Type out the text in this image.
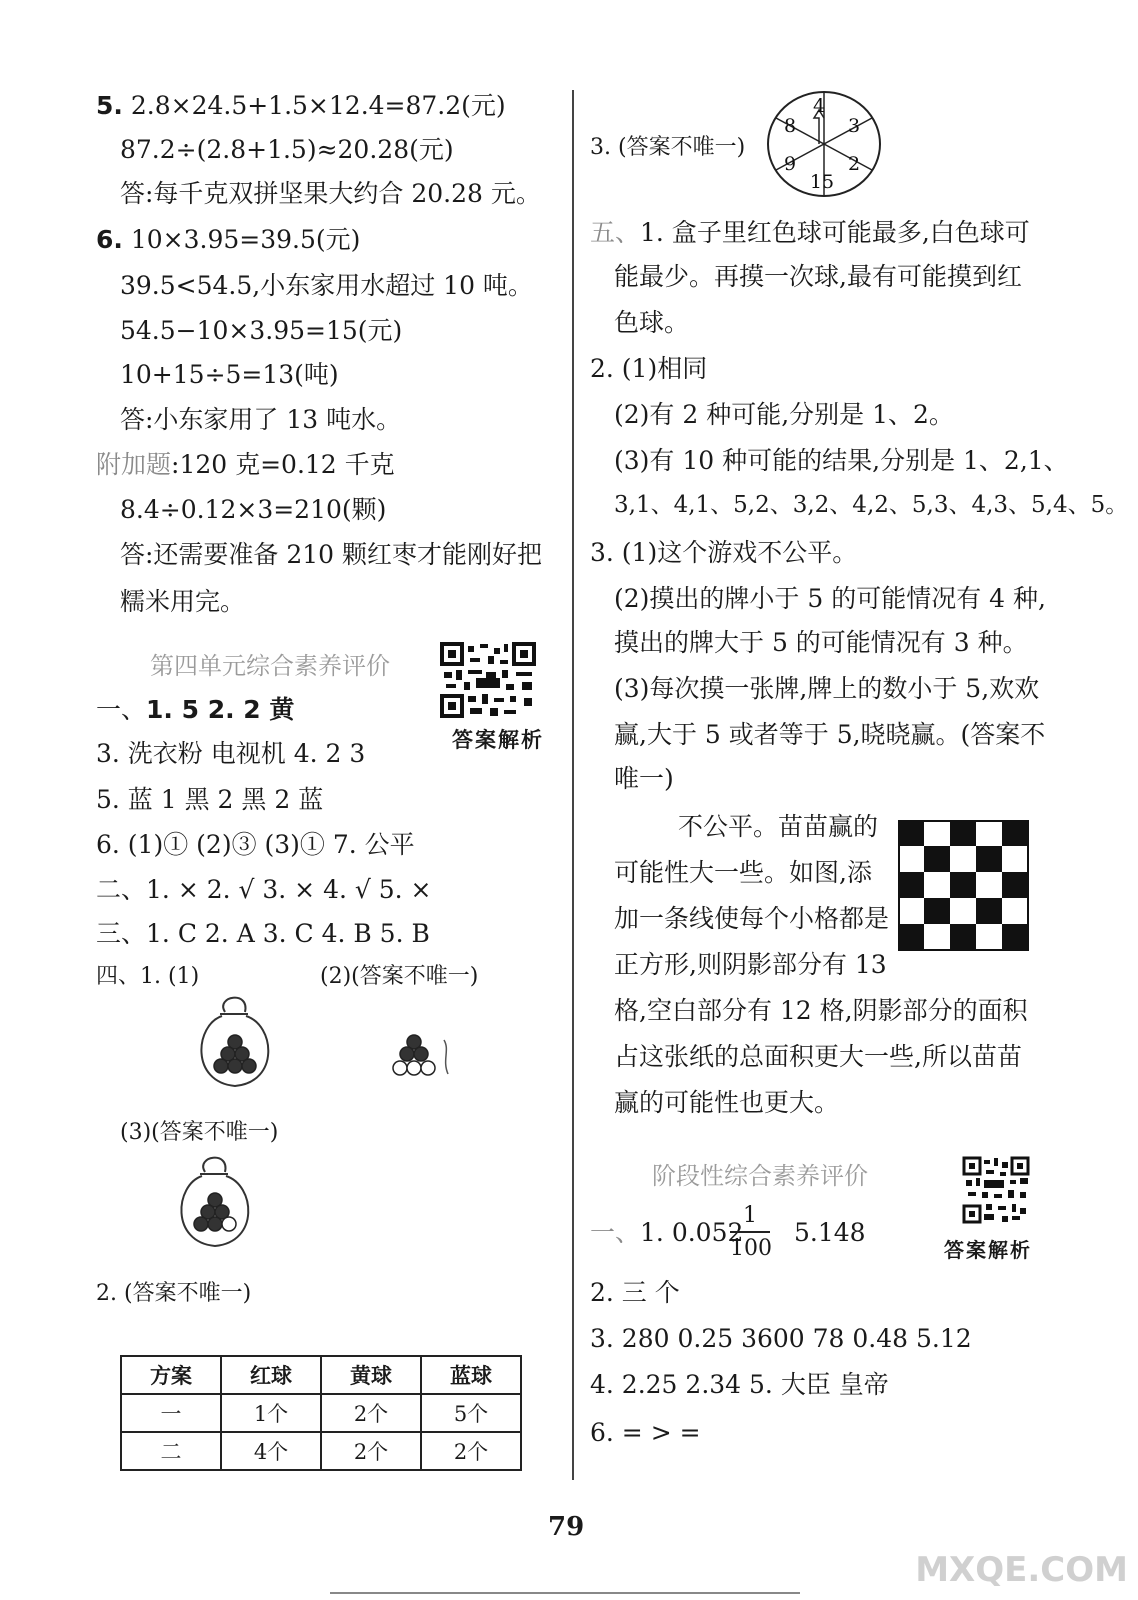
5. 2.8×24.5+1.5×12.4=87.2(元)
87.2÷(2.8+1.5)≈20.28(元)
答:每千克双拼坚果大约合 20.28 元。
6. 10×3.95=39.5(元)
39.5<54.5,小东家用水超过 10 吨。
54.5−10×3.95=15(元)
10+15÷5=13(吨)
答:小东家用了 13 吨水。
附加题:120 克=0.12 千克
8.4÷0.12×3=210(颗)
答:还需要准备 210 颗红枣才能刚好把
糯米用完。
第四单元综合素养评价
答案解析
一、1. 5 2. 2 黄
3. 洗衣粉 电视机 4. 2 3
5. 蓝 1 黑 2 黑 2 蓝
6. (1)① (2)③ (3)① 7. 公平
二、1. × 2. √ 3. × 4. √ 5. ×
三、1. C 2. A 3. C 4. B 5. B
四、1. (1)	(2)(答案不唯一)
(3)(答案不唯一)
2. (答案不唯一)
方案	红球	黄球	蓝球
一	1个	2个	5个
二	4个	2个	2个
3. (答案不唯一)
4
3
2
15
9
8
五、1. 盒子里红色球可能最多,白色球可
能最少。再摸一次球,最有可能摸到红
色球。
2. (1)相同
(2)有 2 种可能,分别是 1、2。
(3)有 10 种可能的结果,分别是 1、2,1、
3,1、4,1、5,2、3,2、4,2、5,3、4,3、5,4、5。
3. (1)这个游戏不公平。
(2)摸出的牌小于 5 的可能情况有 4 种,
摸出的牌大于 5 的可能情况有 3 种。
(3)每次摸一张牌,牌上的数小于 5,欢欢
赢,大于 5 或者等于 5,晓晓赢。(答案不
唯一)
不公平。苗苗赢的
可能性大一些。如图,添
加一条线使每个小格都是
正方形,则阴影部分有 13
格,空白部分有 12 格,阴影部分的面积
占这张纸的总面积更大一些,所以苗苗
赢的可能性也更大。
阶段性综合素养评价
答案解析
一、1. 0.052
1
100
5.148
2. 三 个
3. 280 0.25 3600 78 0.48 5.12
4. 2.25 2.34 5. 大臣 皇帝
6. = > =
79
MXQE.COM
